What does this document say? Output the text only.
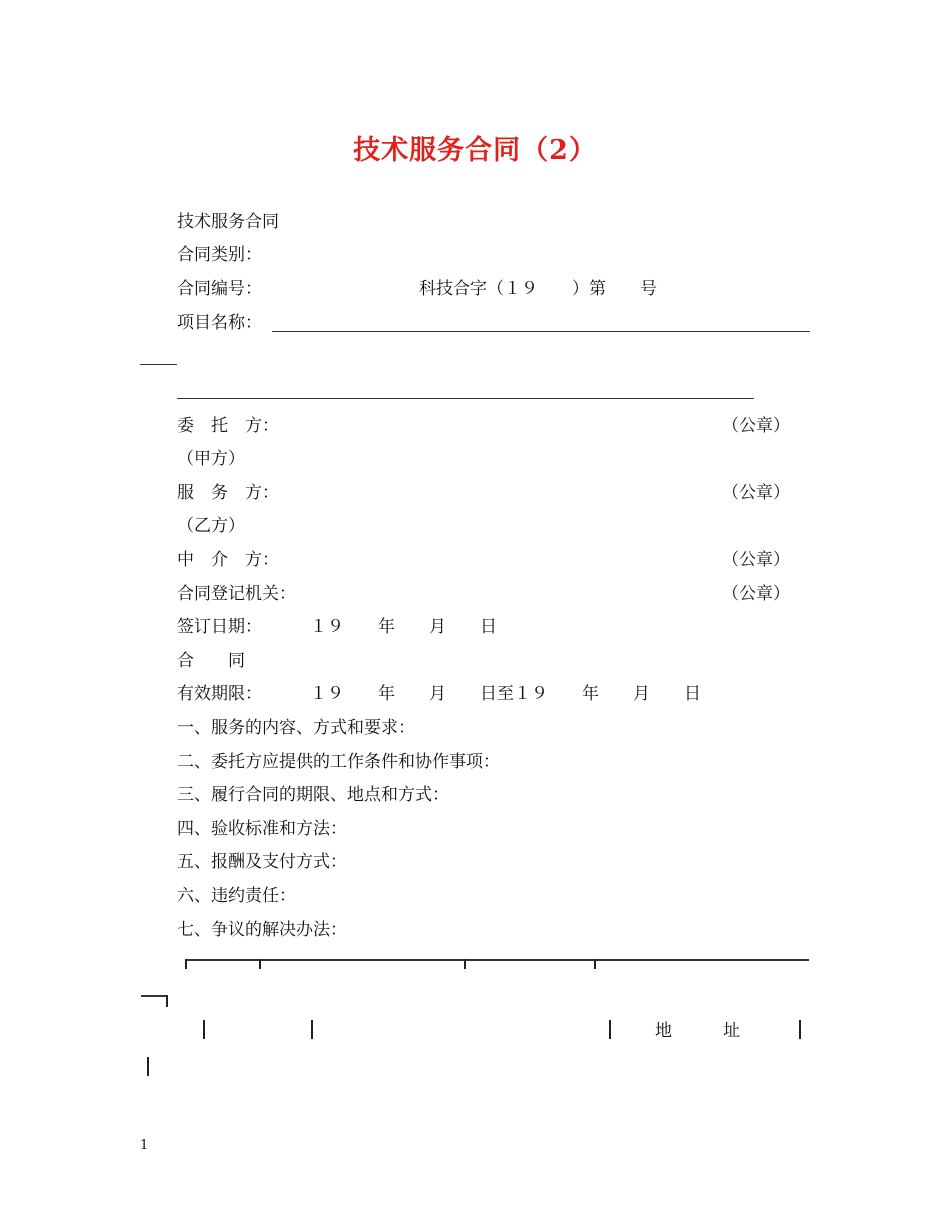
技术服务合同（2）
技术服务合同
合同类别：
合同编号：	科技合字（１９　　）第　　号
项目名称：
委　托　方：	（公章）
（甲方）
服　务　方：	（公章）
（乙方）
中　介　方：	（公章）
合同登记机关：	（公章）
签订日期：	１９　　年　　月　　日
合　　同
有效期限：	１９　　年　　月　　日至１９　　年　　月　　日
一、服务的内容、方式和要求：
二、委托方应提供的工作条件和协作事项：
三、履行合同的期限、地点和方式：
四、验收标准和方法：
五、报酬及支付方式：
六、违约责任：
七、争议的解决办法：
地　　　址
1
